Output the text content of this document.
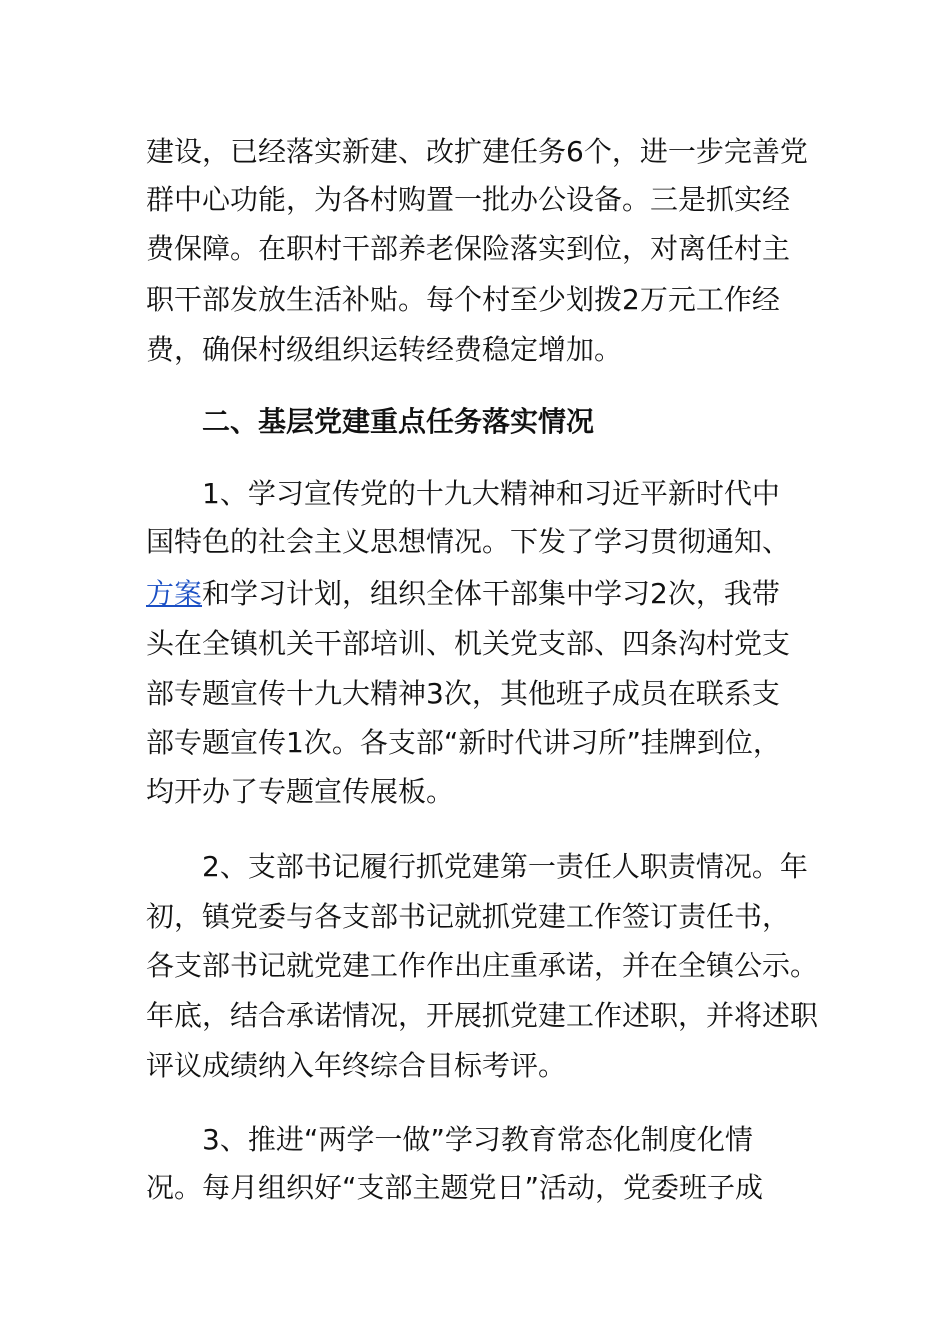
建设，已经落实新建、改扩建任务6个，进一步完善党
群中心功能，为各村购置一批办公设备。三是抓实经
费保障。在职村干部养老保险落实到位，对离任村主
职干部发放生活补贴。每个村至少划拨2万元工作经
费，确保村级组织运转经费稳定增加。
二、基层党建重点任务落实情况
1、学习宣传党的十九大精神和习近平新时代中
国特色的社会主义思想情况。下发了学习贯彻通知、
方案和学习计划，组织全体干部集中学习2次，我带
头在全镇机关干部培训、机关党支部、四条沟村党支
部专题宣传十九大精神3次，其他班子成员在联系支
部专题宣传1次。各支部“新时代讲习所”挂牌到位，
均开办了专题宣传展板。
2、支部书记履行抓党建第一责任人职责情况。年
初，镇党委与各支部书记就抓党建工作签订责任书，
各支部书记就党建工作作出庄重承诺，并在全镇公示。
年底，结合承诺情况，开展抓党建工作述职，并将述职
评议成绩纳入年终综合目标考评。
3、推进“两学一做”学习教育常态化制度化情
况。每月组织好“支部主题党日”活动，党委班子成
